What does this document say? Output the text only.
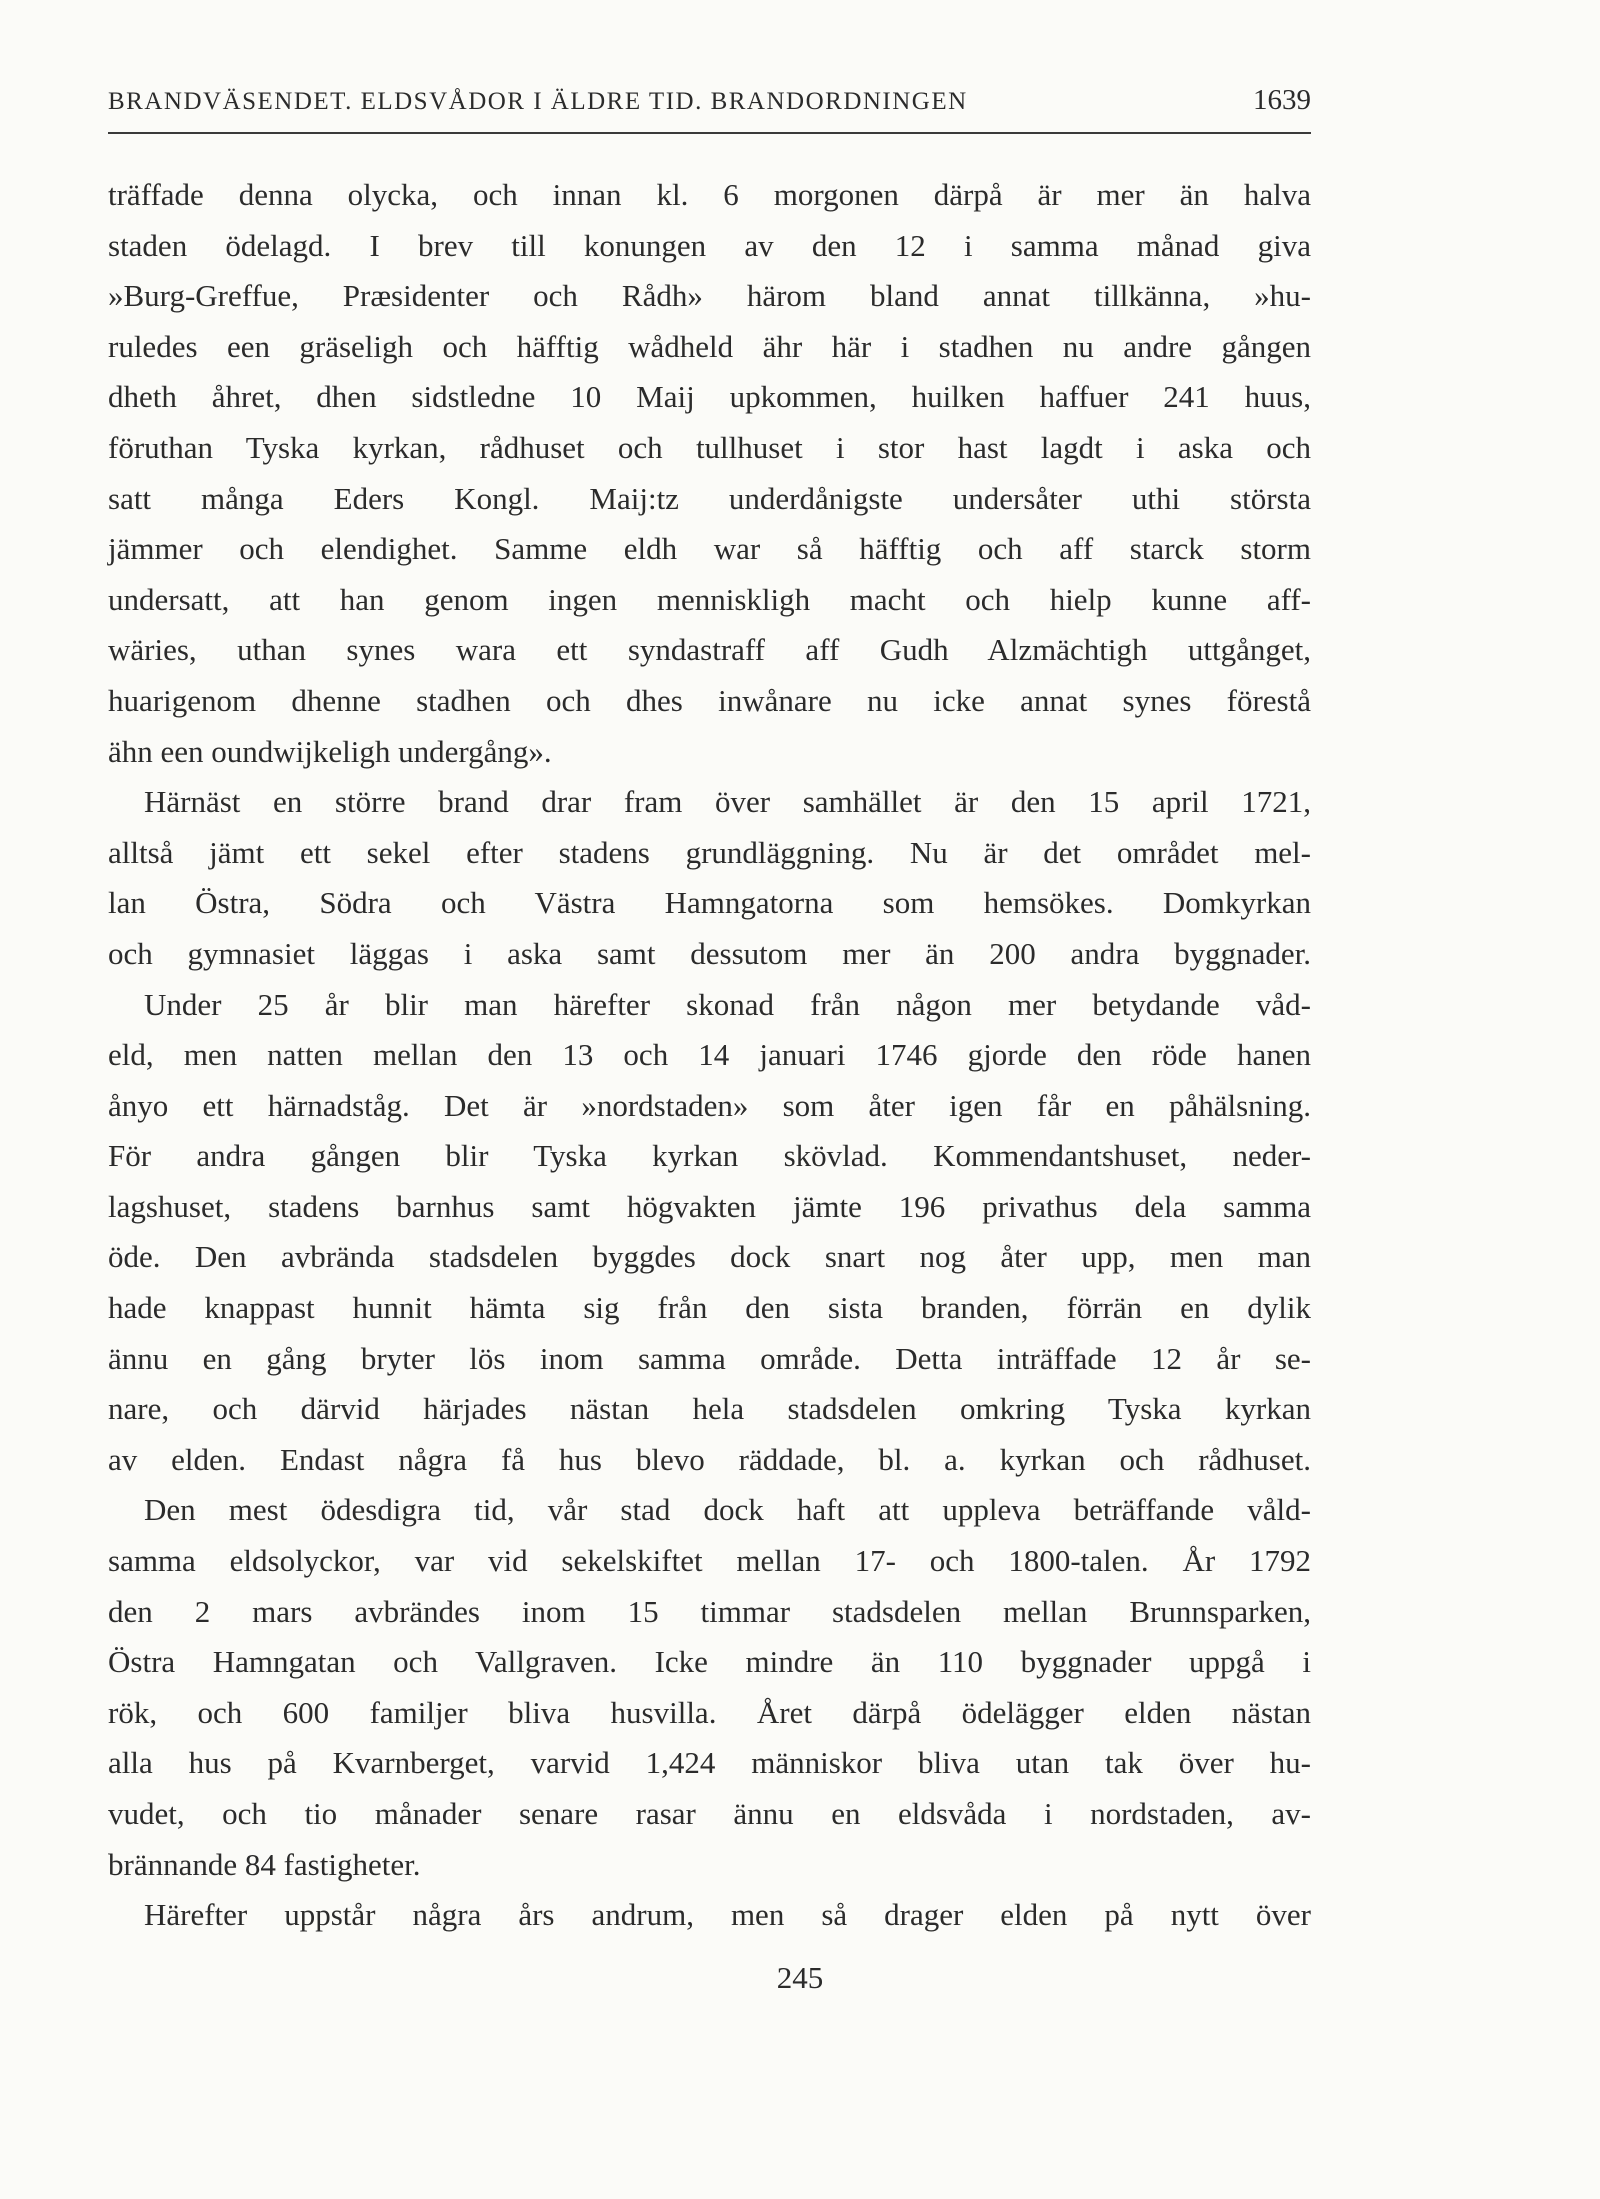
BRANDVÄSENDET. ELDSVÅDOR I ÄLDRE TID. BRANDORDNINGEN	1639
träffade denna olycka, och innan kl. 6 morgonen därpå är mer än halva
staden ödelagd. I brev till konungen av den 12 i samma månad giva
»Burg-Greffue, Præsidenter och Rådh» härom bland annat tillkänna, »hu-
ruledes een gräseligh och häfftig wådheld ähr här i stadhen nu andre gången
dheth åhret, dhen sidstledne 10 Maij upkommen, huilken haffuer 241 huus,
föruthan Tyska kyrkan, rådhuset och tullhuset i stor hast lagdt i aska och
satt många Eders Kongl. Maij:tz underdånigste undersåter uthi största
jämmer och elendighet. Samme eldh war så häfftig och aff starck storm
undersatt, att han genom ingen menniskligh macht och hielp kunne aff-
wäries, uthan synes wara ett syndastraff aff Gudh Alzmächtigh uttgånget,
huarigenom dhenne stadhen och dhes inwånare nu icke annat synes förestå
ähn een oundwijkeligh undergång».
Härnäst en större brand drar fram över samhället är den 15 april 1721,
alltså jämt ett sekel efter stadens grundläggning. Nu är det området mel-
lan Östra, Södra och Västra Hamngatorna som hemsökes. Domkyrkan
och gymnasiet läggas i aska samt dessutom mer än 200 andra byggnader.
Under 25 år blir man härefter skonad från någon mer betydande våd-
eld, men natten mellan den 13 och 14 januari 1746 gjorde den röde hanen
ånyo ett härnadståg. Det är »nordstaden» som åter igen får en påhälsning.
För andra gången blir Tyska kyrkan skövlad. Kommendantshuset, neder-
lagshuset, stadens barnhus samt högvakten jämte 196 privathus dela samma
öde. Den avbrända stadsdelen byggdes dock snart nog åter upp, men man
hade knappast hunnit hämta sig från den sista branden, förrän en dylik
ännu en gång bryter lös inom samma område. Detta inträffade 12 år se-
nare, och därvid härjades nästan hela stadsdelen omkring Tyska kyrkan
av elden. Endast några få hus blevo räddade, bl. a. kyrkan och rådhuset.
Den mest ödesdigra tid, vår stad dock haft att uppleva beträffande våld-
samma eldsolyckor, var vid sekelskiftet mellan 17- och 1800-talen. År 1792
den 2 mars avbrändes inom 15 timmar stadsdelen mellan Brunnsparken,
Östra Hamngatan och Vallgraven. Icke mindre än 110 byggnader uppgå i
rök, och 600 familjer bliva husvilla. Året därpå ödelägger elden nästan
alla hus på Kvarnberget, varvid 1,424 människor bliva utan tak över hu-
vudet, och tio månader senare rasar ännu en eldsvåda i nordstaden, av-
brännande 84 fastigheter.
Härefter uppstår några års andrum, men så drager elden på nytt över
245
